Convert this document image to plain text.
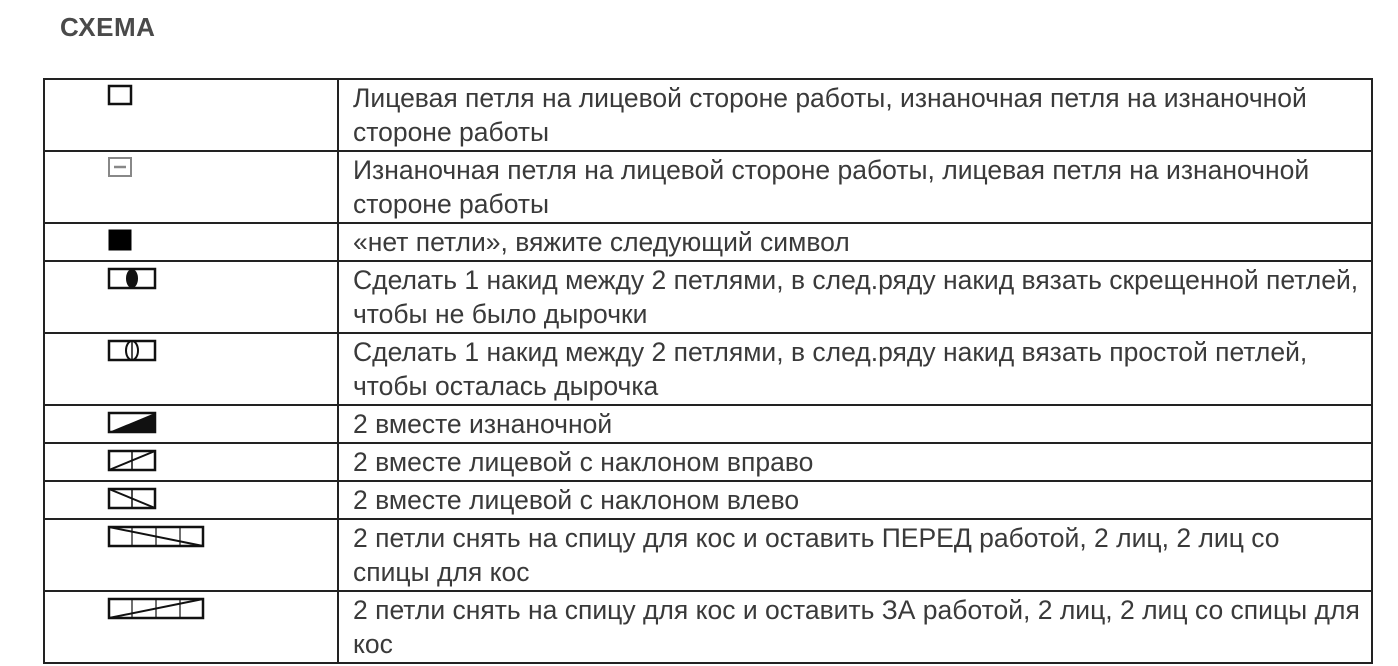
СХЕМА
	Лицевая петля на лицевой стороне работы, изнаночная петля на изнаночной стороне работы

	Изнаночная петля на лицевой стороне работы, лицевая петля на изнаночной стороне работы

	«нет петли», вяжите следующий символ

	Сделать 1 накид между 2 петлями, в след.ряду накид вязать скрещенной петлей, чтобы не было дырочки

	Сделать 1 накид между 2 петлями, в след.ряду накид вязать простой петлей, чтобы осталась дырочка

	2 вместе изнаночной

	2 вместе лицевой с наклоном вправо

	2 вместе лицевой с наклоном влево

	2 петли снять на спицу для кос и оставить ПЕРЕД работой, 2 лиц, 2 лиц со спицы для кос

	2 петли снять на спицу для кос и оставить ЗА работой, 2 лиц, 2 лиц со спицы для кос
